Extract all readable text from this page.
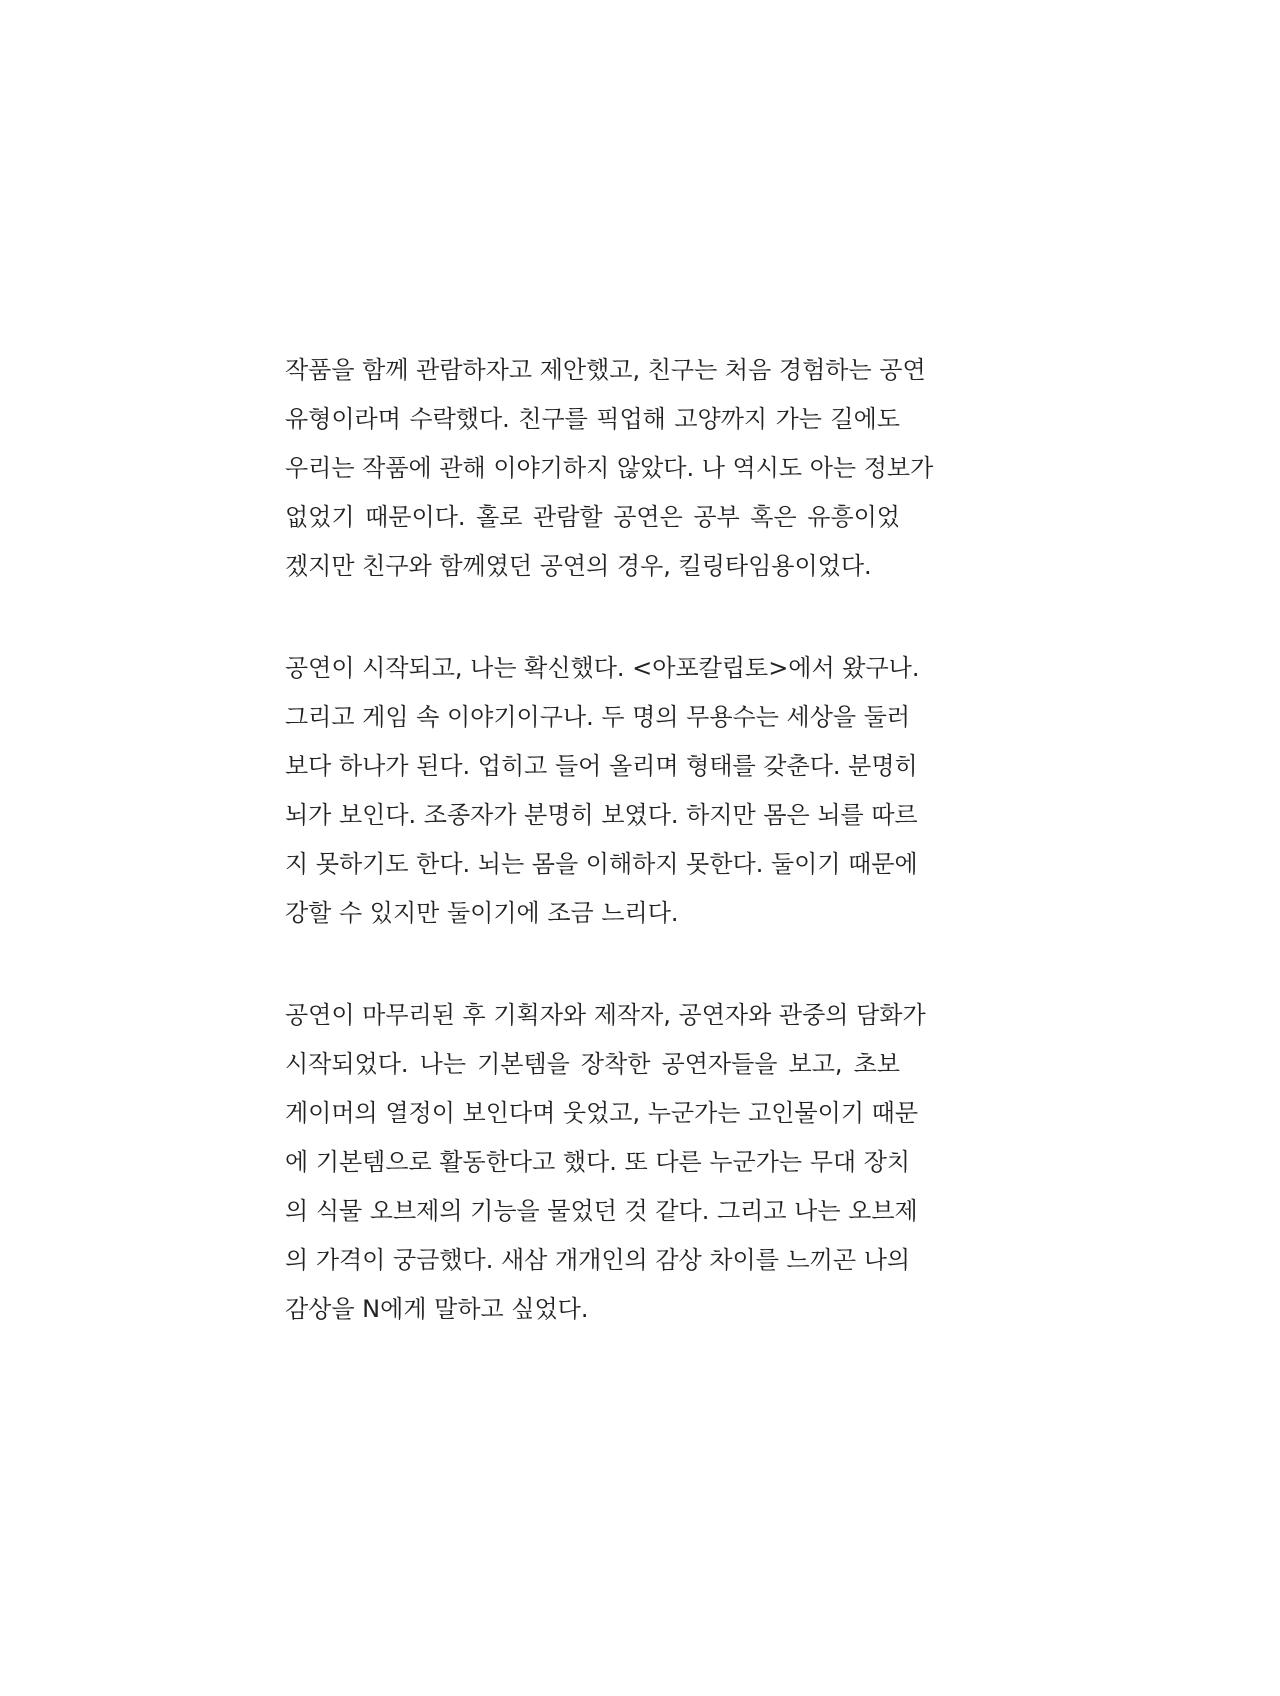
작품을 함께 관람하자고 제안했고, 친구는 처음 경험하는 공연
유형이라며 수락했다. 친구를 픽업해 고양까지 가는 길에도
우리는 작품에 관해 이야기하지 않았다. 나 역시도 아는 정보가
없었기 때문이다. 홀로 관람할 공연은 공부 혹은 유흥이었
겠지만 친구와 함께였던 공연의 경우, 킬링타임용이었다.
공연이 시작되고, 나는 확신했다. <아포칼립토>에서 왔구나.
그리고 게임 속 이야기이구나. 두 명의 무용수는 세상을 둘러
보다 하나가 된다. 업히고 들어 올리며 형태를 갖춘다. 분명히
뇌가 보인다. 조종자가 분명히 보였다. 하지만 몸은 뇌를 따르
지 못하기도 한다. 뇌는 몸을 이해하지 못한다. 둘이기 때문에
강할 수 있지만 둘이기에 조금 느리다.
공연이 마무리된 후 기획자와 제작자, 공연자와 관중의 담화가
시작되었다. 나는 기본템을 장착한 공연자들을 보고, 초보
게이머의 열정이 보인다며 웃었고, 누군가는 고인물이기 때문
에 기본템으로 활동한다고 했다. 또 다른 누군가는 무대 장치
의 식물 오브제의 기능을 물었던 것 같다. 그리고 나는 오브제
의 가격이 궁금했다. 새삼 개개인의 감상 차이를 느끼곤 나의
감상을 N에게 말하고 싶었다.
